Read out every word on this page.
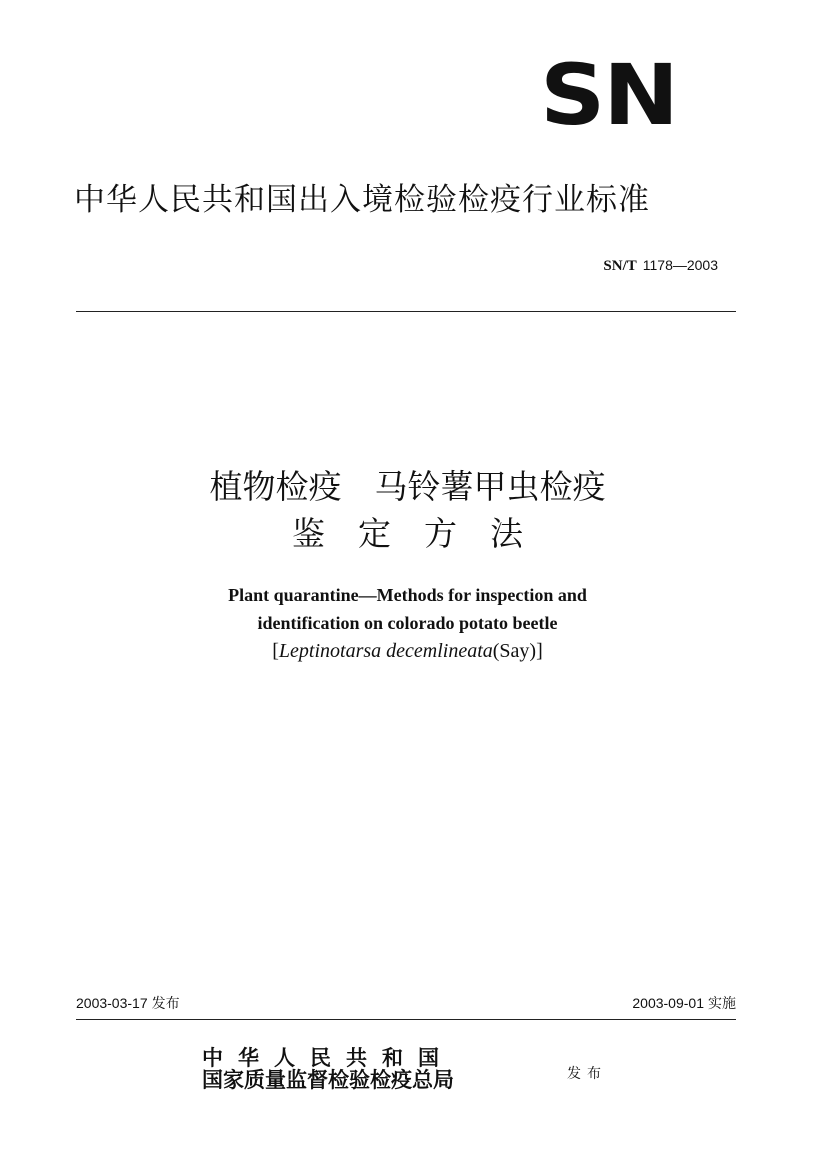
SN
中华人民共和国出入境检验检疫行业标准
SN/T 1178—2003
植物检疫　马铃薯甲虫检疫
鉴　定　方　法
Plant quarantine—Methods for inspection and
identification on colorado potato beetle
[Leptinotarsa decemlineata(Say)]
2003-03-17 发布	2003-09-01 实施
中华人民共和国
国家质量监督检验检疫总局	发布
